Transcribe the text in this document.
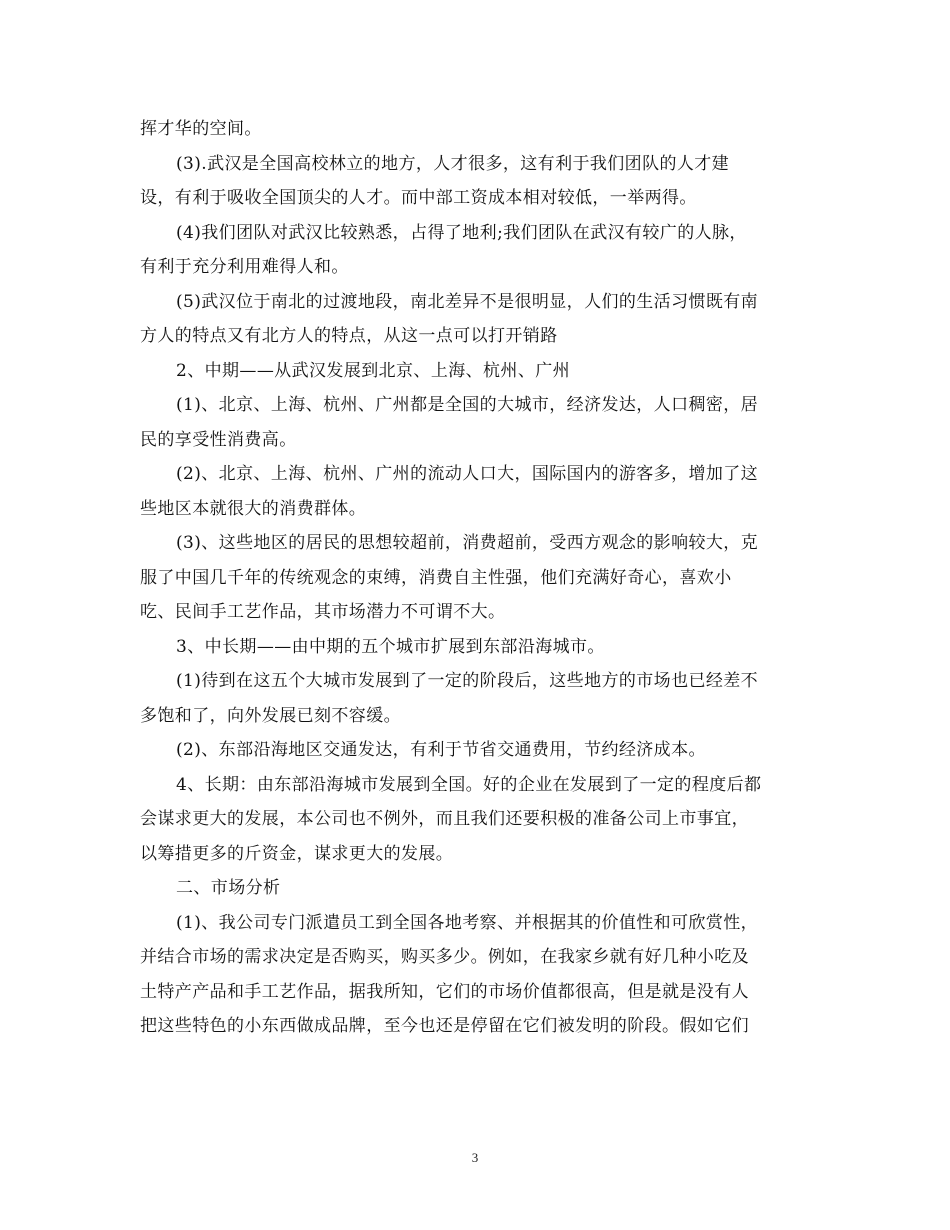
挥才华的空间。

(3).武汉是全国高校林立的地方，人才很多，这有利于我们团队的人才建
设，有利于吸收全国顶尖的人才。而中部工资成本相对较低，一举两得。

(4)我们团队对武汉比较熟悉，占得了地利;我们团队在武汉有较广的人脉，
有利于充分利用难得人和。

(5)武汉位于南北的过渡地段，南北差异不是很明显，人们的生活习惯既有南
方人的特点又有北方人的特点，从这一点可以打开销路

2、中期——从武汉发展到北京、上海、杭州、广州

(1)、北京、上海、杭州、广州都是全国的大城市，经济发达，人口稠密，居
民的享受性消费高。

(2)、北京、上海、杭州、广州的流动人口大，国际国内的游客多，增加了这
些地区本就很大的消费群体。

(3)、这些地区的居民的思想较超前，消费超前，受西方观念的影响较大，克
服了中国几千年的传统观念的束缚，消费自主性强，他们充满好奇心，喜欢小
吃、民间手工艺作品，其市场潜力不可谓不大。

3、中长期——由中期的五个城市扩展到东部沿海城市。

(1)待到在这五个大城市发展到了一定的阶段后，这些地方的市场也已经差不
多饱和了，向外发展已刻不容缓。

(2)、东部沿海地区交通发达，有利于节省交通费用，节约经济成本。

4、长期：由东部沿海城市发展到全国。好的企业在发展到了一定的程度后都
会谋求更大的发展，本公司也不例外，而且我们还要积极的准备公司上市事宜，
以筹措更多的斤资金，谋求更大的发展。

二、市场分析

(1)、我公司专门派遣员工到全国各地考察、并根据其的价值性和可欣赏性，
并结合市场的需求决定是否购买，购买多少。例如，在我家乡就有好几种小吃及
土特产产品和手工艺作品，据我所知，它们的市场价值都很高，但是就是没有人
把这些特色的小东西做成品牌，至今也还是停留在它们被发明的阶段。假如它们

3
